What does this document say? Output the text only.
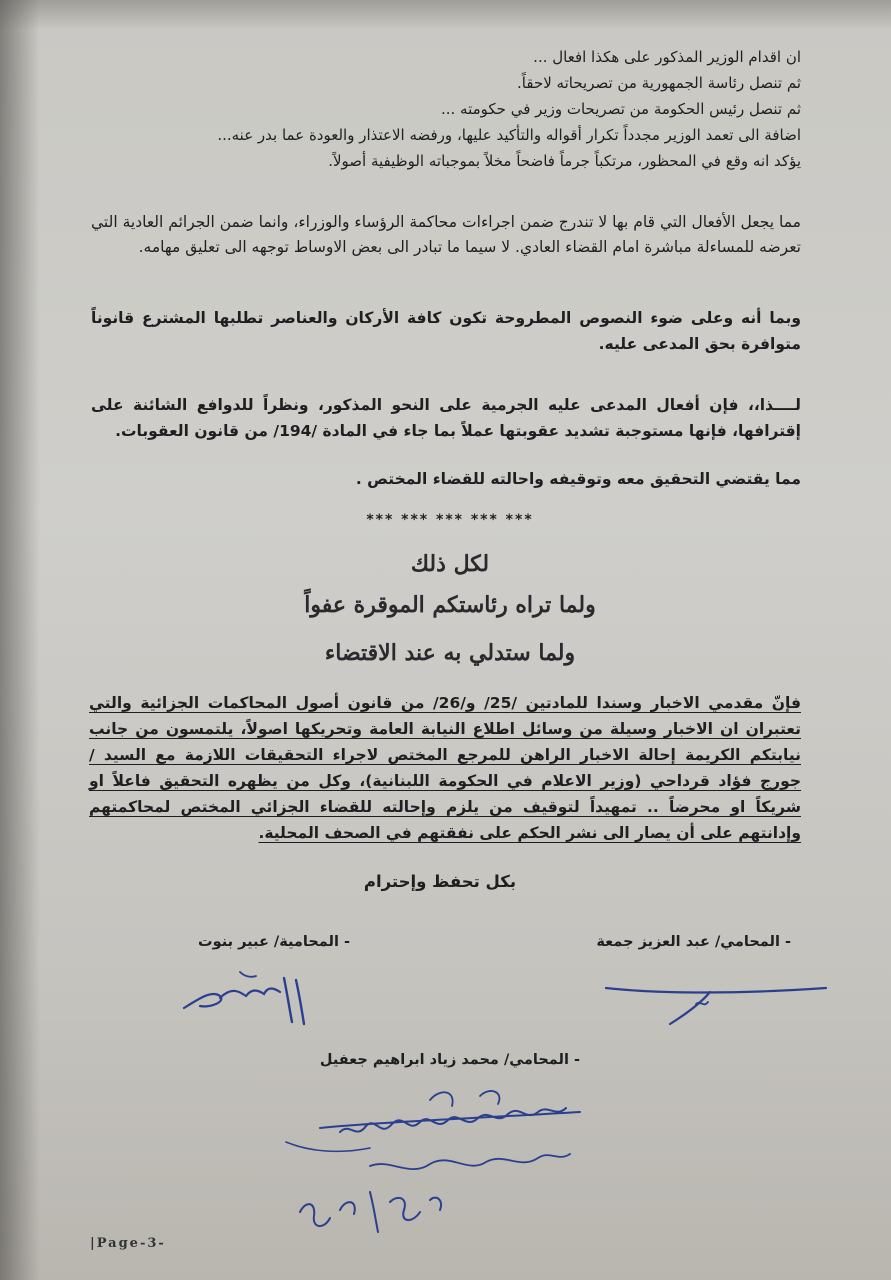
ان اقدام الوزير المذكور على هكذا افعال ...
ثم تنصل رئاسة الجمهورية من تصريحاته لاحقاً.
ثم تنصل رئيس الحكومة من تصريحات وزير في حكومته ...
اضافة الى تعمد الوزير مجدداً تكرار أقواله والتأكيد عليها، ورفضه الاعتذار والعودة عما بدر عنه...
يؤكد انه وقع في المحظور، مرتكباً جرماً فاضحاً مخلاً بموجباته الوظيفية أصولاً.
مما يجعل الأفعال التي قام بها لا تندرج ضمن اجراءات محاكمة الرؤساء والوزراء، وانما ضمن الجرائم العادية التي تعرضه للمساءلة مباشرة امام القضاء العادي. لا سيما ما تبادر الى بعض الاوساط توجهه الى تعليق مهامه.
وبما أنه وعلى ضوء النصوص المطروحة تكون كافة الأركان والعناصر تطلبها المشترع قانوناً متوافرة بحق المدعى عليه.
لــــذا،، فإن أفعال المدعى عليه الجرمية على النحو المذكور، ونظراً للدوافع الشائنة على إقترافها، فإنها مستوجبة تشديد عقوبتها عملاً بما جاء في المادة /194/ من قانون العقوبات.
مما يقتضي التحقيق معه وتوقيفه واحالته للقضاء المختص .
*** *** *** *** ***
لكل ذلك
ولما تراه رئاستكم الموقرة عفواً
ولما ستدلي به عند الاقتضاء
فإنّ مقدمي الاخبار وسندا للمادتين /25/ و/26/ من قانون أصول المحاكمات الجزائية والتي تعتبران ان الاخبار وسيلة من وسائل اطلاع النيابة العامة وتحريكها اصولاً، يلتمسون من جانب نيابتكم الكريمة إحالة الاخبار الراهن للمرجع المختص لاجراء التحقيقات اللازمة مع السيد / جورج فؤاد قرداحي (وزير الاعلام في الحكومة اللبنانية)، وكل من يظهره التحقيق فاعلاً او شريكاً او محرضاً .. تمهيداً لتوقيف من يلزم وإحالته للقضاء الجزائي المختص لمحاكمتهم وإدانتهم على أن يصار الى نشر الحكم على نفقتهم في الصحف المحلية.
بكل تحفظ وإحترام
- المحامية/ عبير بنوت	- المحامي/ عبد العزيز جمعة
- المحامي/ محمد زياد ابراهيم جعفيل
|Page-3-
